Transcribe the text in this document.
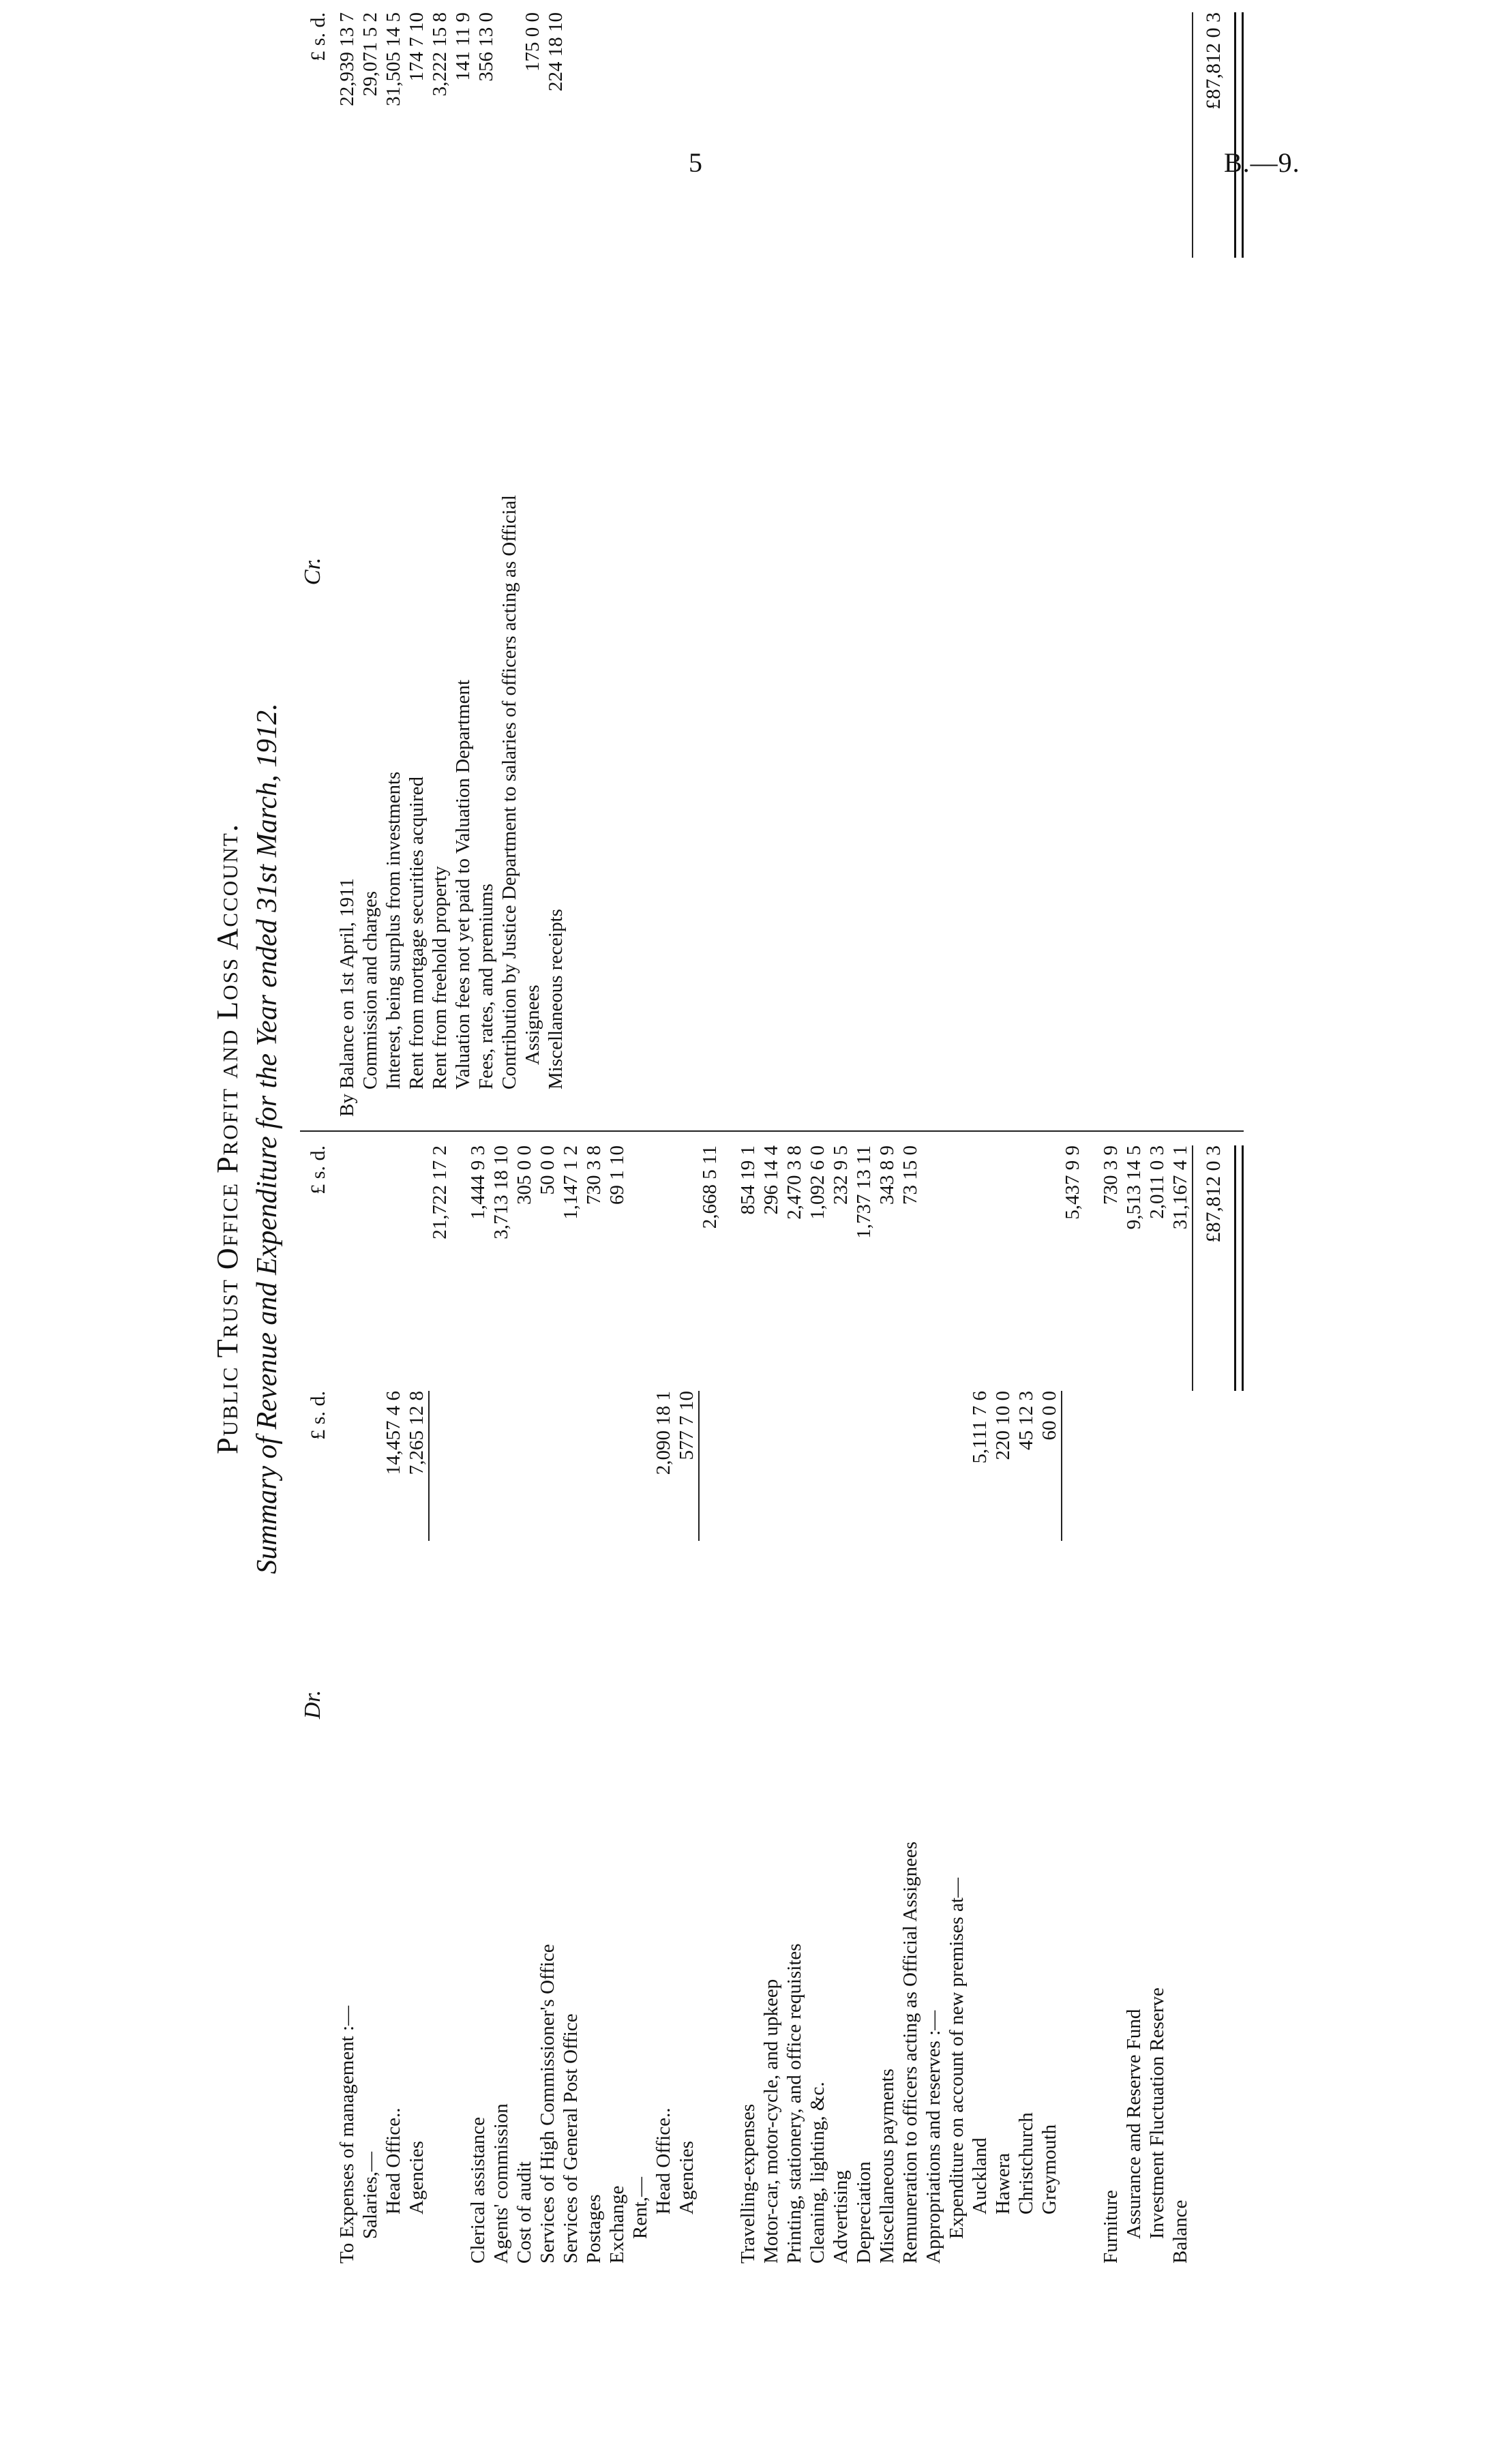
5	B.—9.
Public Trust Office Profit and Loss Account. Summary of Revenue and Expenditure for the Year ended 31st March, 1912.
Dr.
£ s. d.
£ s. d.
To Expenses of management :— Salaries,— Head Office..
14,457 4 6
Agencies
7,265 12 8
21,722 17 2
Clerical assistance
1,444 9 3
Agents' commission
3,713 18 10
Cost of audit
305 0 0
Services of High Commissioner's Office
50 0 0
Services of General Post Office
1,147 1 2
Postages
730 3 8
Exchange
69 1 10
Rent,— Head Office..
2,090 18 1
Agencies
577 7 10
2,668 5 11
Travelling-expenses
854 19 1
Motor-car, motor-cycle, and upkeep
296 14 4
Printing, stationery, and office requisites
2,470 3 8
Cleaning, lighting, &c.
1,092 6 0
Advertising
232 9 5
Depreciation
1,737 13 11
Miscellaneous payments
343 8 9
Remuneration to officers acting as Official Assignees
73 15 0
Appropriations and reserves :— Expenditure on account of new premises at— Auckland
5,111 7 6
Hawera
220 10 0
Christchurch
45 12 3
Greymouth
60 0 0
5,437 9 9
Furniture
730 3 9
Assurance and Reserve Fund
9,513 14 5
Investment Fluctuation Reserve
2,011 0 3
Balance
31,167 4 1 £87,812 0 3
Cr.
£ s. d.
By Balance on 1st April, 1911
22,939 13 7
Commission and charges
29,071 5 2
Interest, being surplus from investments
31,505 14 5
Rent from mortgage securities acquired
174 7 10
Rent from freehold property
3,222 15 8
Valuation fees not yet paid to Valuation Department
141 11 9
Fees, rates, and premiums
356 13 0
Contribution by Justice Department to salaries of officers acting as Official Assignees
175 0 0
Miscellaneous receipts
224 18 10	£87,812 0 3
